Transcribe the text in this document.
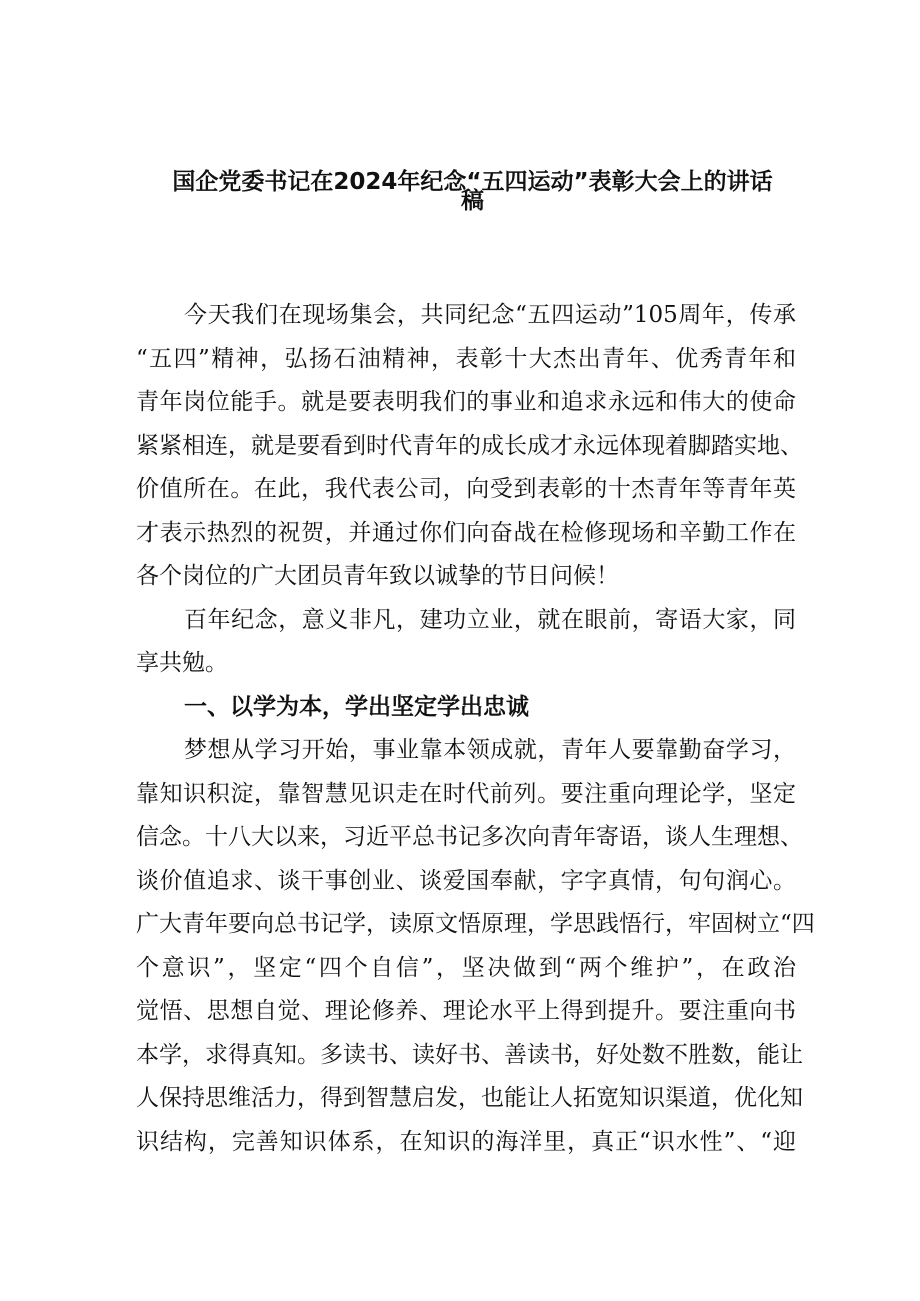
国企党委书记在2024年纪念“五四运动”表彰大会上的讲话
稿
今天我们在现场集会，共同纪念“五四运动”105周年，传承
“五四”精神，弘扬石油精神，表彰十大杰出青年、优秀青年和
青年岗位能手。就是要表明我们的事业和追求永远和伟大的使命
紧紧相连，就是要看到时代青年的成长成才永远体现着脚踏实地、
价值所在。在此，我代表公司，向受到表彰的十杰青年等青年英
才表示热烈的祝贺，并通过你们向奋战在检修现场和辛勤工作在
各个岗位的广大团员青年致以诚挚的节日问候！
百年纪念，意义非凡，建功立业，就在眼前，寄语大家，同
享共勉。
一、以学为本，学出坚定学出忠诚
梦想从学习开始，事业靠本领成就，青年人要靠勤奋学习，
靠知识积淀，靠智慧见识走在时代前列。要注重向理论学，坚定
信念。十八大以来，习近平总书记多次向青年寄语，谈人生理想、
谈价值追求、谈干事创业、谈爱国奉献，字字真情，句句润心。
广大青年要向总书记学，读原文悟原理，学思践悟行，牢固树立“四
个意识”，坚定“四个自信”，坚决做到“两个维护”，在政治
觉悟、思想自觉、理论修养、理论水平上得到提升。要注重向书
本学，求得真知。多读书、读好书、善读书，好处数不胜数，能让
人保持思维活力，得到智慧启发，也能让人拓宽知识渠道，优化知
识结构，完善知识体系，在知识的海洋里，真正“识水性”、“迎
